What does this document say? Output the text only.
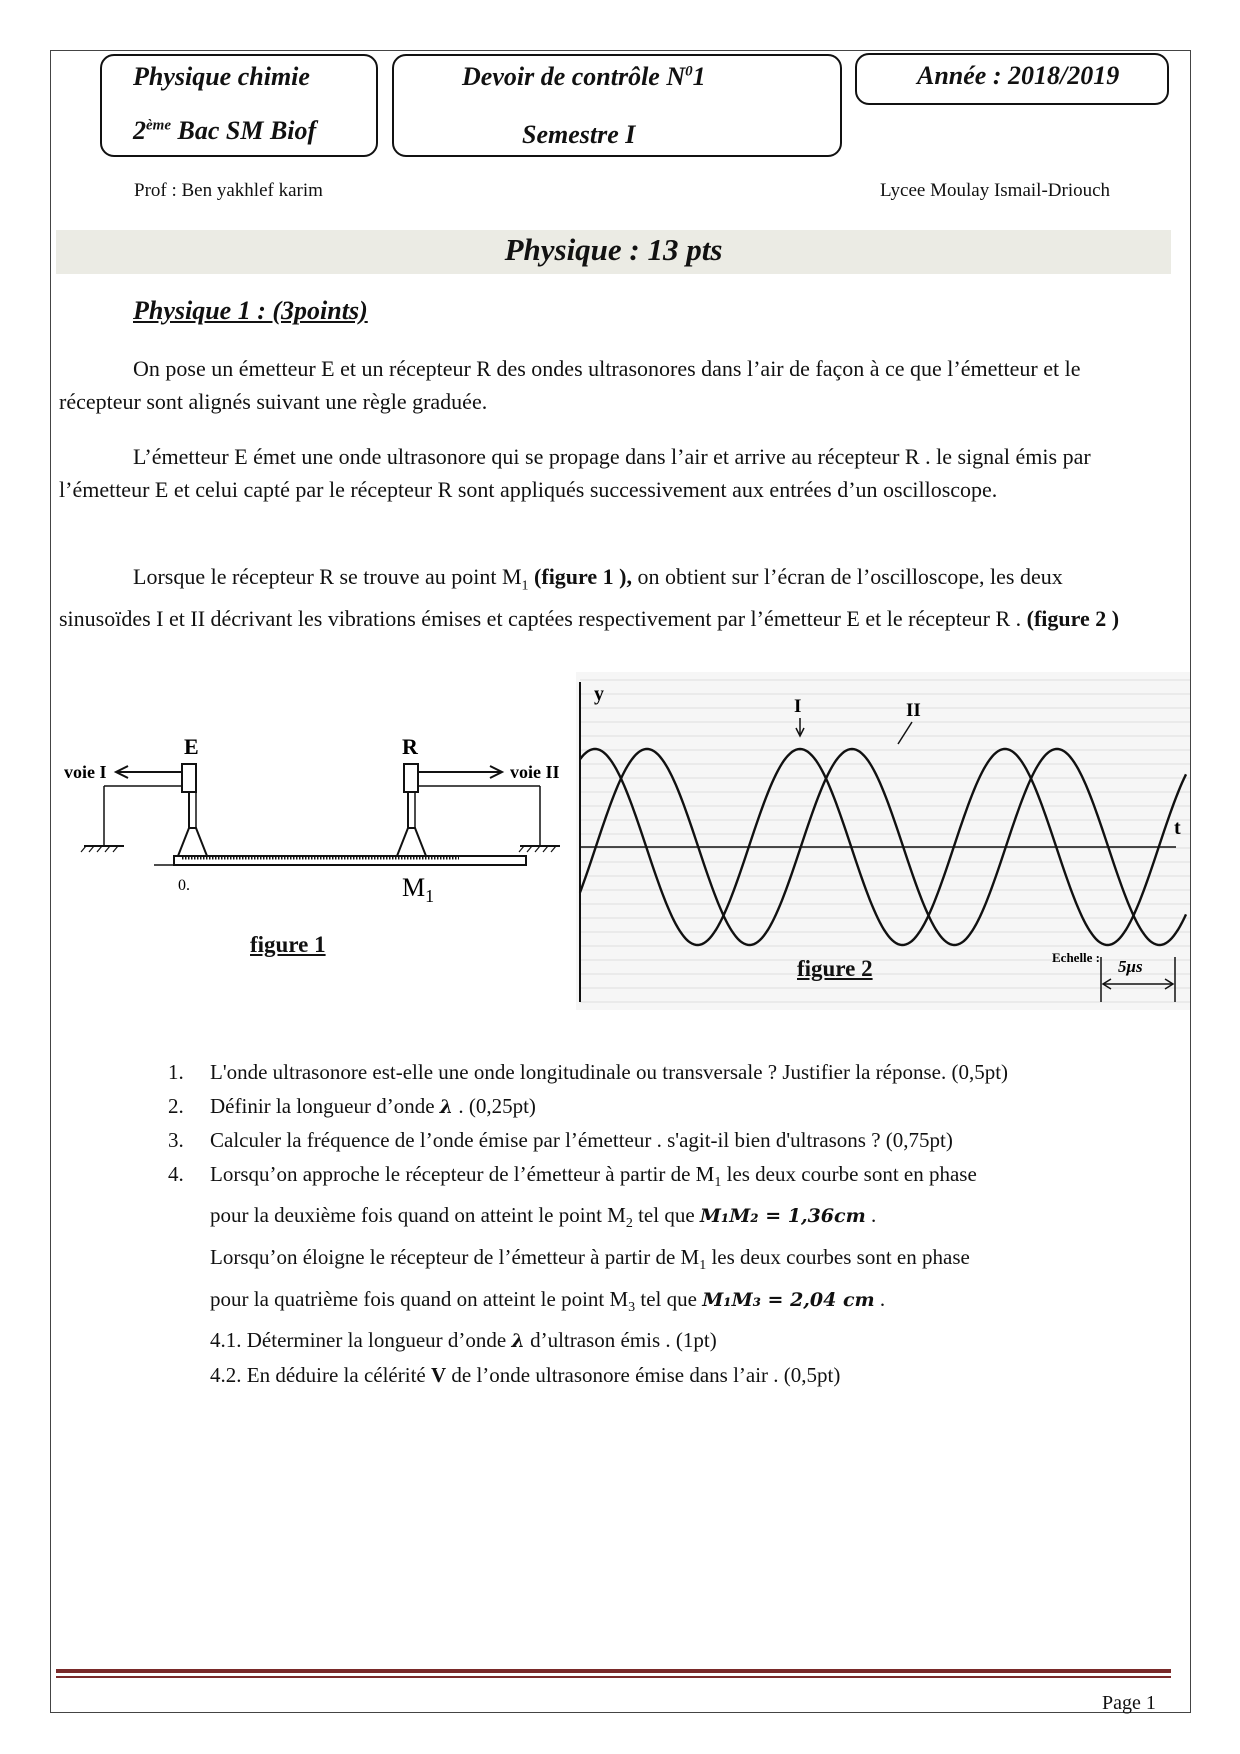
Physique chimie
2ème Bac SM Biof
Devoir de contrôle $N^01$
Semestre I
Année : 2018/2019
Prof : Ben yakhlef karim	Lycee Moulay Ismail-Driouch
Physique : 13 pts
Physique 1 : (3points)

On pose un émetteur E et un récepteur R des ondes ultrasonores dans l’air de façon à ce que l’émetteur et le récepteur sont alignés suivant une règle graduée.

L’émetteur E émet une onde ultrasonore qui se propage dans l’air et arrive au récepteur R . le signal émis par l’émetteur E et celui capté par le récepteur R sont appliqués successivement aux entrées d’un oscilloscope.

Lorsque le récepteur R se trouve au point $M_1$ (figure 1 ), on obtient sur l’écran de l’oscilloscope, les deux sinusoïdes I et II décrivant les vibrations émises et captées respectivement par l’émetteur E et le récepteur R . (figure 2 )

E
voie I
R
voie II
0.	$M_1$
figure 1
y
t
I	II
Echelle : 5μs
figure 2
1. L'onde ultrasonore est-elle une onde longitudinale ou transversale ? Justifier la réponse. (0,5pt)
2. Définir la longueur d’onde λ . (0,25pt)
3. Calculer la fréquence de l’onde émise par l’émetteur . s'agit-il bien d'ultrasons ? (0,75pt)
4. Lorsqu’on approche le récepteur de l’émetteur à partir de $M_1$ les deux courbe sont en phase
pour la deuxième fois quand on atteint le point $M_2$ tel que M₁M₂ = 1,36cm .
Lorsqu’on éloigne le récepteur de l’émetteur à partir de $M_1$ les deux courbes sont en phase
pour la quatrième fois quand on atteint le point $M_3$ tel que M₁M₃ = 2,04 cm .
4.1. Déterminer la longueur d’onde λ d’ultrason émis . (1pt)
4.2. En déduire la célérité V de l’onde ultrasonore émise dans l’air . (0,5pt)
Page 1
